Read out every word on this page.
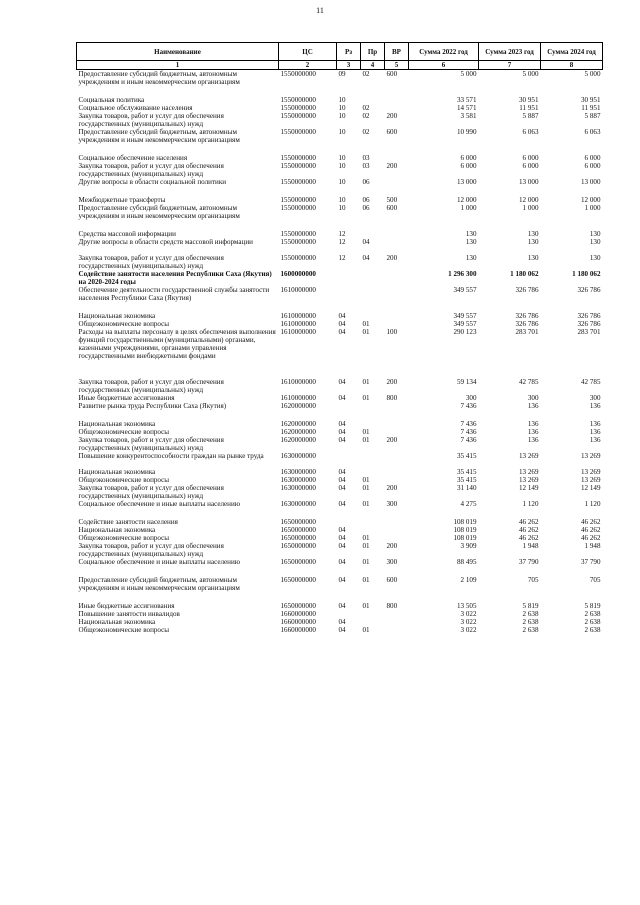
11
Наименование	ЦС	Рз	Пр	ВР	Сумма 2022 год	Сумма 2023 год	Сумма 2024 год
1	2	3	4	5	6	7	8
Предоставление субсидий бюджетным, автономным учреждениям и иным некоммерческим организациям	1550000000	09	02	600	5 000	5 000	5 000
Социальная политика	1550000000	10			33 571	30 951	30 951
Социальное обслуживание населения	1550000000	10	02		14 571	11 951	11 951
Закупка товаров, работ и услуг для обеспечения государственных (муниципальных) нужд	1550000000	10	02	200	3 581	5 887	5 887
Предоставление субсидий бюджетным, автономным учреждениям и иным некоммерческим организациям	1550000000	10	02	600	10 990	6 063	6 063
Социальное обеспечение населения	1550000000	10	03		6 000	6 000	6 000
Закупка товаров, работ и услуг для обеспечения государственных (муниципальных) нужд	1550000000	10	03	200	6 000	6 000	6 000
Другие вопросы в области социальной политики	1550000000	10	06		13 000	13 000	13 000
Межбюджетные трансферты	1550000000	10	06	500	12 000	12 000	12 000
Предоставление субсидий бюджетным, автономным учреждениям и иным некоммерческим организациям	1550000000	10	06	600	1 000	1 000	1 000
Средства массовой информации	1550000000	12			130	130	130
Другие вопросы в области средств массовой информации	1550000000	12	04		130	130	130
Закупка товаров, работ и услуг для обеспечения государственных (муниципальных) нужд	1550000000	12	04	200	130	130	130
Содействие занятости населения Республики Саха (Якутия) на 2020-2024 годы	1600000000				1 296 300	1 180 062	1 180 062
Обеспечение деятельности государственной службы занятости населения Республики Саха (Якутия)	1610000000				349 557	326 786	326 786
Национальная экономика	1610000000	04			349 557	326 786	326 786
Общеэкономические вопросы	1610000000	04	01		349 557	326 786	326 786
Расходы на выплаты персоналу в целях обеспечения выполнения функций государственными (муниципальными) органами, казенными учреждениями, органами управления государственными внебюджетными фондами	1610000000	04	01	100	290 123	283 701	283 701
Закупка товаров, работ и услуг для обеспечения государственных (муниципальных) нужд	1610000000	04	01	200	59 134	42 785	42 785
Иные бюджетные ассигнования	1610000000	04	01	800	300	300	300
Развитие рынка труда Республики Саха (Якутия)	1620000000				7 436	136	136
Национальная экономика	1620000000	04			7 436	136	136
Общеэкономические вопросы	1620000000	04	01		7 436	136	136
Закупка товаров, работ и услуг для обеспечения государственных (муниципальных) нужд	1620000000	04	01	200	7 436	136	136
Повышение конкурентоспособности граждан на рынке труда	1630000000				35 415	13 269	13 269
Национальная экономика	1630000000	04			35 415	13 269	13 269
Общеэкономические вопросы	1630000000	04	01		35 415	13 269	13 269
Закупка товаров, работ и услуг для обеспечения государственных (муниципальных) нужд	1630000000	04	01	200	31 140	12 149	12 149
Социальное обеспечение и иные выплаты населению	1630000000	04	01	300	4 275	1 120	1 120
Содействие занятости населения	1650000000				108 019	46 262	46 262
Национальная экономика	1650000000	04			108 019	46 262	46 262
Общеэкономические вопросы	1650000000	04	01		108 019	46 262	46 262
Закупка товаров, работ и услуг для обеспечения государственных (муниципальных) нужд	1650000000	04	01	200	3 909	1 948	1 948
Социальное обеспечение и иные выплаты населению	1650000000	04	01	300	88 495	37 790	37 790
Предоставление субсидий бюджетным, автономным учреждениям и иным некоммерческим организациям	1650000000	04	01	600	2 109	705	705
Иные бюджетные ассигнования	1650000000	04	01	800	13 505	5 819	5 819
Повышение занятости инвалидов	1660000000				3 022	2 638	2 638
Национальная экономика	1660000000	04			3 022	2 638	2 638
Общеэкономические вопросы	1660000000	04	01		3 022	2 638	2 638
